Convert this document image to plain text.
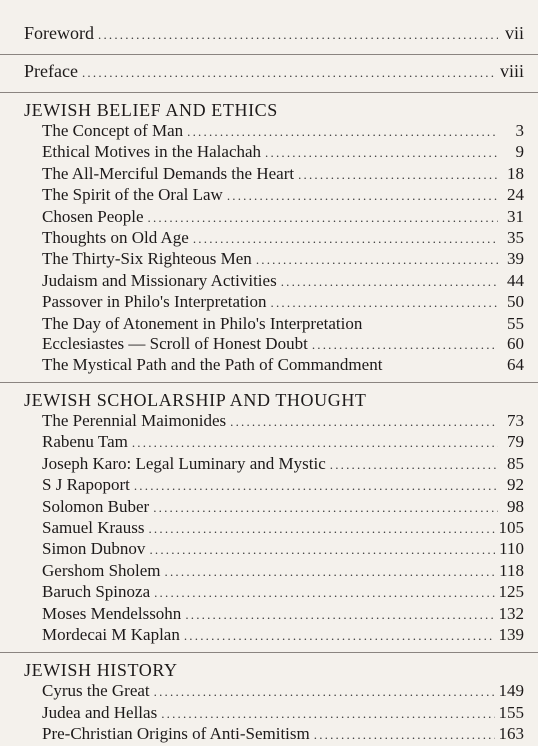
Foreword .....	vii
Preface .....	viii
JEWISH BELIEF AND ETHICS
The Concept of Man .....	3
Ethical Motives in the Halachah .....	9
The All-Merciful Demands the Heart .....	18
The Spirit of the Oral Law .....	24
Chosen People .....	31
Thoughts on Old Age .....	35
The Thirty-Six Righteous Men .....	39
Judaism and Missionary Activities .....	44
Passover in Philo's Interpretation .....	50
The Day of Atonement in Philo's Interpretation	55
Ecclesiastes — Scroll of Honest Doubt .....	60
The Mystical Path and the Path of Commandment	64
JEWISH SCHOLARSHIP AND THOUGHT
The Perennial Maimonides .....	73
Rabenu Tam .....	79
Joseph Karo: Legal Luminary and Mystic .....	85
S J Rapoport .....	92
Solomon Buber .....	98
Samuel Krauss .....	105
Simon Dubnov .....	110
Gershom Sholem .....	118
Baruch Spinoza .....	125
Moses Mendelssohn .....	132
Mordecai M Kaplan .....	139
JEWISH HISTORY
Cyrus the Great .....	149
Judea and Hellas .....	155
Pre-Christian Origins of Anti-Semitism .....	163
